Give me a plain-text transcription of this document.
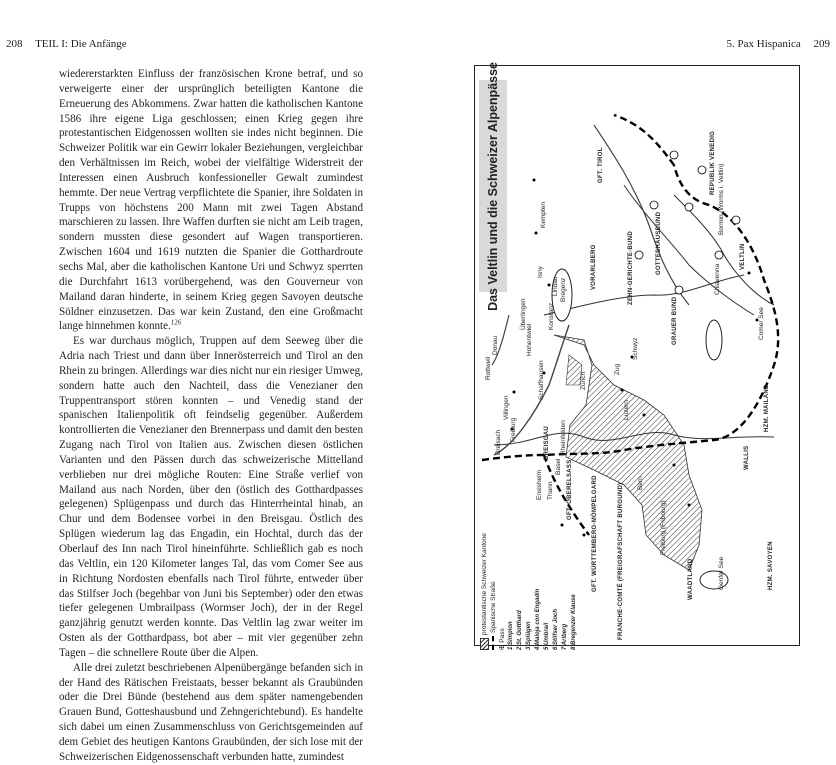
208 TEIL I: Die Anfänge	5. Pax Hispanica 209

wiedererstarkten Einfluss der französischen Krone betraf, und so verweigerte einer der ursprünglich beteiligten Kantone die Erneuerung des Abkommens. Zwar hatten die katholischen Kantone 1586 ihre eigene Liga geschlossen; einen Krieg gegen ihre protestantischen Eidgenossen wollten sie indes nicht beginnen. Die Schweizer Politik war ein Gewirr lokaler Beziehungen, vergleichbar den Verhältnissen im Reich, wobei der vielfältige Widerstreit der Interessen einen Ausbruch konfessioneller Gewalt zumindest hemmte. Der neue Vertrag verpflichtete die Spanier, ihre Soldaten in Trupps von höchstens 200 Mann mit zwei Tagen Abstand marschieren zu lassen. Ihre Waffen durften sie nicht am Leib tragen, sondern mussten diese gesondert auf Wagen transportieren. Zwischen 1604 und 1619 nutzten die Spanier die Gotthardroute sechs Mal, aber die katholischen Kantone Uri und Schwyz sperrten die Durchfahrt 1613 vorübergehend, was den Gouverneur von Mailand daran hinderte, in seinem Krieg gegen Savoyen deutsche Söldner einzusetzen. Das war kein Zustand, den eine Großmacht lange hinnehmen konnte.$^{126}$

Es war durchaus möglich, Truppen auf dem Seeweg über die Adria nach Triest und dann über Innerösterreich und Tirol an den Rhein zu bringen. Allerdings war dies nicht nur ein riesiger Umweg, sondern hatte auch den Nachteil, dass die Venezianer den Truppentransport stören konnten – und Venedig stand der spanischen Italienpolitik oft feindselig gegenüber. Außerdem kontrollierten die Venezianer den Brennerpass und damit den besten Zugang nach Tirol von Italien aus. Zwischen diesen östlichen Varianten und den Pässen durch das schweizerische Mittelland verblieben nur drei mögliche Routen: Eine Straße verlief von Mailand aus nach Norden, über den (östlich des Gotthardpasses gelegenen) Splügenpass und durch das Hinterrheintal hinab, an Chur und dem Bodensee vorbei in den Breisgau. Östlich des Splügen wiederum lag das Engadin, ein Hochtal, durch das der Oberlauf des Inn nach Tirol hineinführte. Schließlich gab es noch das Veltlin, ein 120 Kilometer langes Tal, das vom Comer See aus in Richtung Nordosten ebenfalls nach Tirol führte, entweder über das Stilfser Joch (begehbar von Juni bis September) oder den etwas tiefer gelegenen Umbrailpass (Wormser Joch), der in der Regel ganzjährig genutzt werden konnte. Das Veltlin lag zwar weiter im Osten als der Gotthardpass, bot aber – mit vier gegenüber zehn Tagen – die schnellere Route über die Alpen.

Alle drei zuletzt beschriebenen Alpenübergänge befanden sich in der Hand des Rätischen Freistaats, besser bekannt als Graubünden oder die Drei Bünde (bestehend aus dem später namengebenden Grauen Bund, Gotteshausbund und Zehngerichtebund). Es handelte sich dabei um einen Zusammenschluss von Gerichtsgemeinden auf dem Gebiet des heutigen Kantons Graubünden, der sich lose mit der Schweizerischen Eidgenossenschaft verbunden hatte, zumindest

Das Veltlin und die Schweizer Alpenpässe	GFT. TIROL	REPUBLIK VENEDIG
GOTTESHAUSBUND
ZEHN-GERICHTE-BUND
GRAUER BUND
VELTLIN
VORARLBERG
HZM. MAILAND
WALLIS
BREISGAU
GFT. OBERELSASS	GFT. WÜRTTEMBERG-MÖMPELGARD	FRANCHE-COMTÉ (FREIGRAFSCHAFT BURGUND)	WAADTLAND	HZM. SAVOYEN
Kempten
Isny
Lindau Bregenz
Konstanz
Überlingen
Hohentwiel
Rottweil
Donau
Villingen
Freiburg
Breisach
Schaffhausen
Rheinfelden
Basel
Ensisheim Thann
Zürich
Zug
Schwyz
Luzern
Bern
Freiburg (Fribourg)
Genfer See
Bormio (Worms i. Veltlin)
Chiavenna
Comer See
protestantische Schweizer Kantone Spanische Straße
✠ Pass 1 Simplon 2 St. Gotthard 3 Splügen 4 Maloja con Engadin 5 Umbrail 6 Stilfser Joch 7 Arlberg 8 Bregenzer Klause
